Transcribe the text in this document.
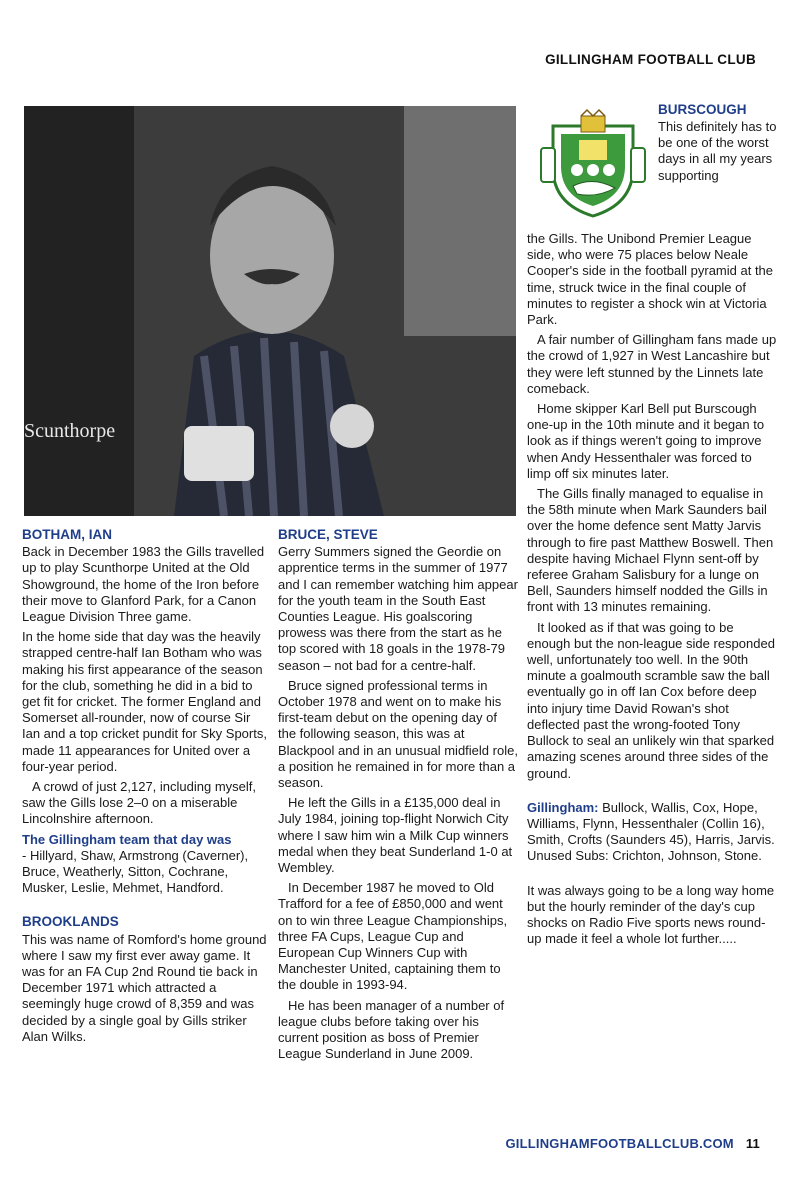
GILLINGHAM FOOTBALL CLUB
Scunthorpe
BOTHAM, IAN

Back in December 1983 the Gills travelled up to play Scunthorpe United at the Old Showground, the home of the Iron before their move to Glanford Park, for a Canon League Division Three game.

In the home side that day was the heavily strapped centre-half Ian Botham who was making his first appearance of the season for the club, something he did in a bid to get fit for cricket. The former England and Somerset all-rounder, now of course Sir Ian and a top cricket pundit for Sky Sports, made 11 appearances for United over a four-year period.

A crowd of just 2,127, including myself, saw the Gills lose 2–0 on a miserable Lincolnshire afternoon.

The Gillingham team that day was
- Hillyard, Shaw, Armstrong (Caverner), Bruce, Weatherly, Sitton, Cochrane, Musker, Leslie, Mehmet, Handford.

BROOKLANDS

This was name of Romford's home ground where I saw my first ever away game. It was for an FA Cup 2nd Round tie back in December 1971 which attracted a seemingly huge crowd of 8,359 and was decided by a single goal by Gills striker Alan Wilks.

BRUCE, STEVE

Gerry Summers signed the Geordie on apprentice terms in the summer of 1977 and I can remember watching him appear for the youth team in the South East Counties League. His goalscoring prowess was there from the start as he top scored with 18 goals in the 1978-79 season – not bad for a centre-half.

Bruce signed professional terms in October 1978 and went on to make his first-team debut on the opening day of the following season, this was at Blackpool and in an unusual midfield role, a position he remained in for more than a season.

He left the Gills in a £135,000 deal in July 1984, joining top-flight Norwich City where I saw him win a Milk Cup winners medal when they beat Sunderland 1-0 at Wembley.

In December 1987 he moved to Old Trafford for a fee of £850,000 and went on to win three League Championships, three FA Cups, League Cup and European Cup Winners Cup with Manchester United, captaining them to the double in 1993-94.

He has been manager of a number of league clubs before taking over his current position as boss of Premier League Sunderland in June 2009.

BURSCOUGH
This definitely has to be one of the worst days in all my years supporting

the Gills. The Unibond Premier League side, who were 75 places below Neale Cooper's side in the football pyramid at the time, struck twice in the final couple of minutes to register a shock win at Victoria Park.

A fair number of Gillingham fans made up the crowd of 1,927 in West Lancashire but they were left stunned by the Linnets late comeback.

Home skipper Karl Bell put Burscough one-up in the 10th minute and it began to look as if things weren't going to improve when Andy Hessenthaler was forced to limp off six minutes later.

The Gills finally managed to equalise in the 58th minute when Mark Saunders bail over the home defence sent Matty Jarvis through to fire past Matthew Boswell. Then despite having Michael Flynn sent-off by referee Graham Salisbury for a lunge on Bell, Saunders himself nodded the Gills in front with 13 minutes remaining.

It looked as if that was going to be enough but the non-league side responded well, unfortunately too well. In the 90th minute a goalmouth scramble saw the ball eventually go in off Ian Cox before deep into injury time David Rowan's shot deflected past the wrong-footed Tony Bullock to seal an unlikely win that sparked amazing scenes around three sides of the ground.

Gillingham: Bullock, Wallis, Cox, Hope, Williams, Flynn, Hessenthaler (Collin 16), Smith, Crofts (Saunders 45), Harris, Jarvis. Unused Subs: Crichton, Johnson, Stone.

It was always going to be a long way home but the hourly reminder of the day's cup shocks on Radio Five sports news round-up made it feel a whole lot further.....

GILLINGHAMFOOTBALLCLUB.COM 11
